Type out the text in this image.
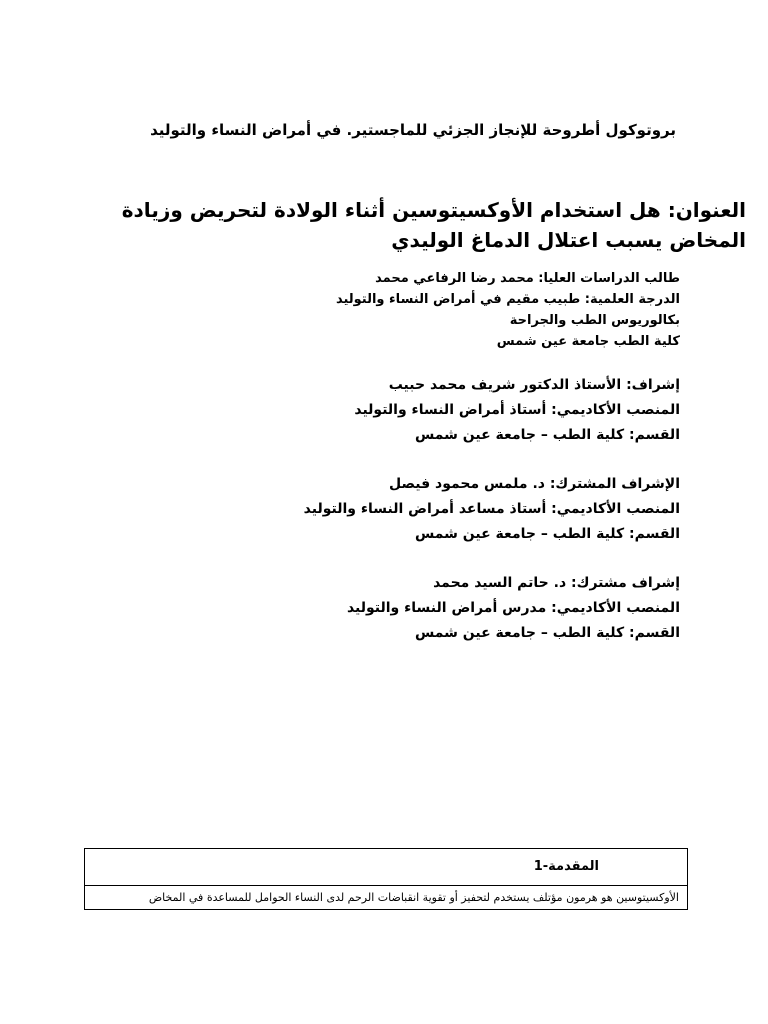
بروتوكول أطروحة للإنجاز الجزئي للماجستير. في أمراض النساء والتوليد
العنوان: هل استخدام الأوكسيتوسين أثناء الولادة لتحريض وزيادة المخاض يسبب اعتلال الدماغ الوليدي
طالب الدراسات العليا: محمد رضا الرفاعي محمد
الدرجة العلمية: طبيب مقيم في أمراض النساء والتوليد
بكالوريوس الطب والجراحة
كلية الطب جامعة عين شمس
إشراف: الأستاذ الدكتور شريف محمد حبيب
المنصب الأكاديمي: أستاذ أمراض النساء والتوليد
القسم: كلية الطب – جامعة عين شمس
الإشراف المشترك: د. ملمس محمود فيصل
المنصب الأكاديمي: أستاذ مساعد أمراض النساء والتوليد
القسم: كلية الطب – جامعة عين شمس
إشراف مشترك: د. حاتم السيد محمد
المنصب الأكاديمي: مدرس أمراض النساء والتوليد
القسم: كلية الطب – جامعة عين شمس
المقدمة-1
الأوكسيتوسين هو هرمون مؤتلف يستخدم لتحفيز أو تقوية انقباضات الرحم لدى النساء الحوامل للمساعدة في المخاض
